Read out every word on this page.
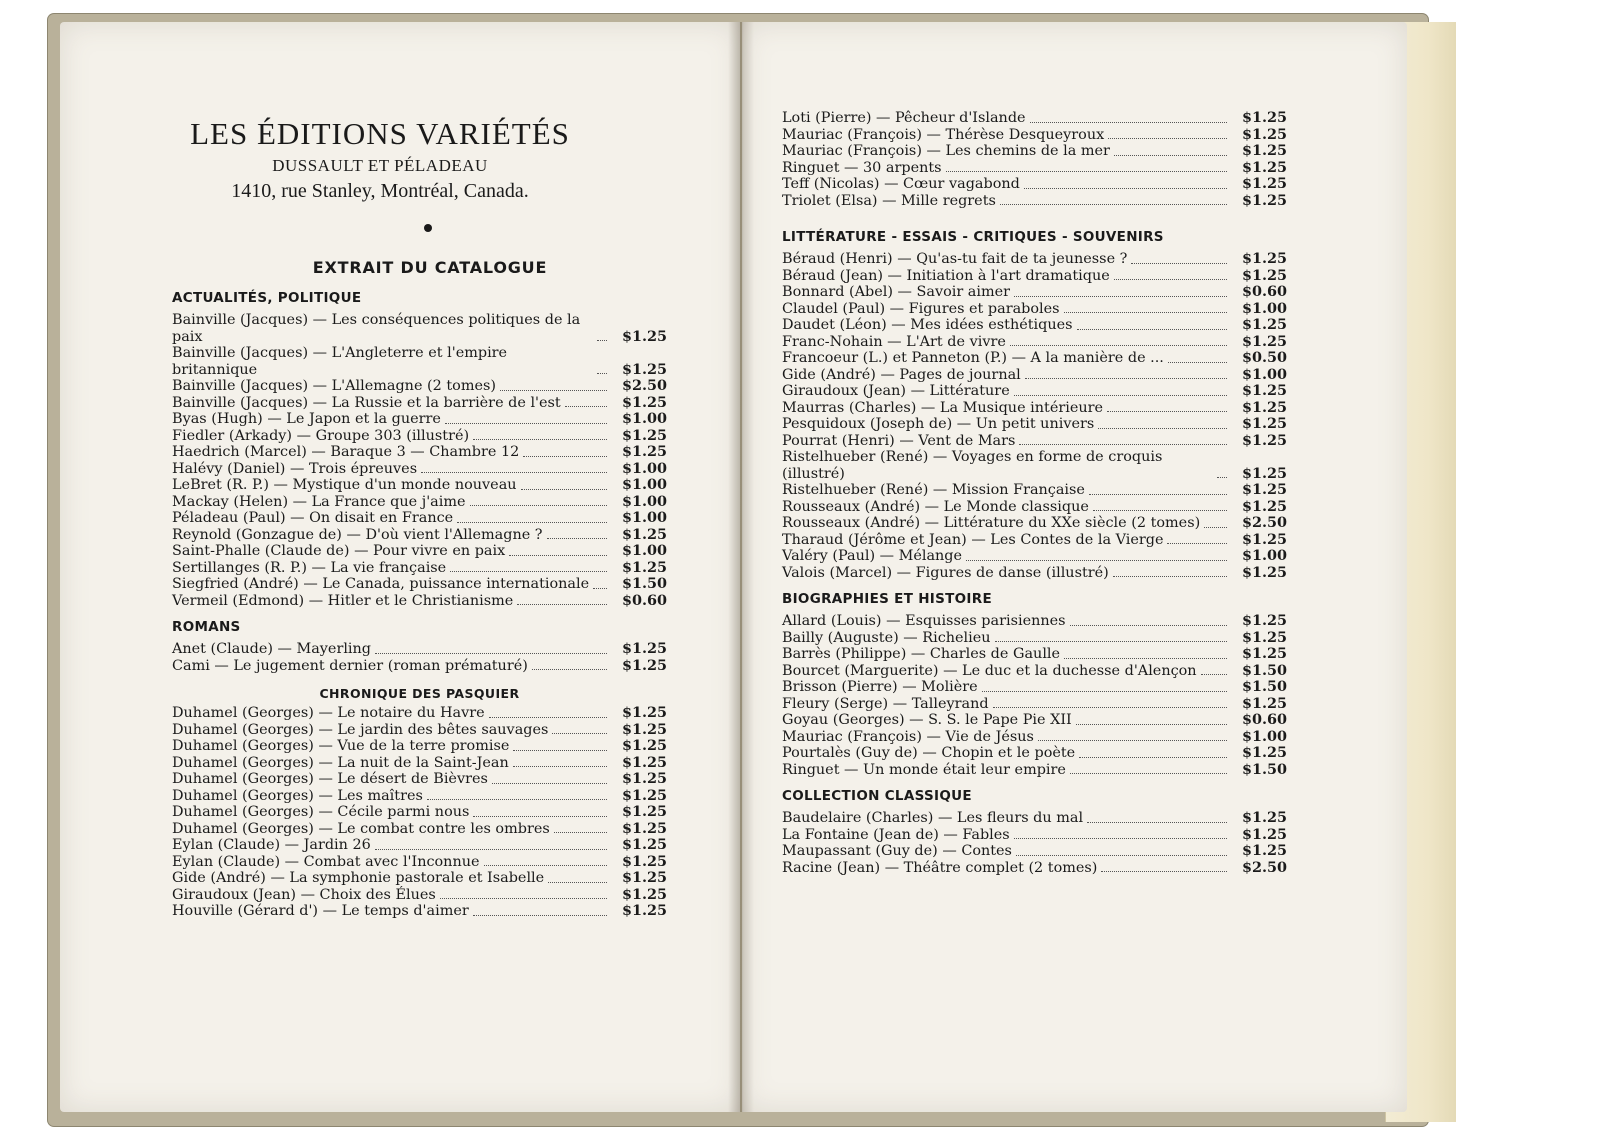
LES ÉDITIONS VARIÉTÉS
DUSSAULT ET PÉLADEAU
1410, rue Stanley, Montréal, Canada.
EXTRAIT DU CATALOGUE
ACTUALITÉS, POLITIQUE
Bainville (Jacques) — Les conséquences politiques de la paix	$1.25
Bainville (Jacques) — L'Angleterre et l'empire britannique	$1.25
Bainville (Jacques) — L'Allemagne (2 tomes)	$2.50
Bainville (Jacques) — La Russie et la barrière de l'est	$1.25
Byas (Hugh) — Le Japon et la guerre	$1.00
Fiedler (Arkady) — Groupe 303 (illustré)	$1.25
Haedrich (Marcel) — Baraque 3 — Chambre 12	$1.25
Halévy (Daniel) — Trois épreuves	$1.00
LeBret (R. P.) — Mystique d'un monde nouveau	$1.00
Mackay (Helen) — La France que j'aime	$1.00
Péladeau (Paul) — On disait en France	$1.00
Reynold (Gonzague de) — D'où vient l'Allemagne ?	$1.25
Saint-Phalle (Claude de) — Pour vivre en paix	$1.00
Sertillanges (R. P.) — La vie française	$1.25
Siegfried (André) — Le Canada, puissance internationale	$1.50
Vermeil (Edmond) — Hitler et le Christianisme	$0.60
ROMANS
Anet (Claude) — Mayerling	$1.25
Cami — Le jugement dernier (roman prématuré)	$1.25
CHRONIQUE DES PASQUIER
Duhamel (Georges) — Le notaire du Havre	$1.25
Duhamel (Georges) — Le jardin des bêtes sauvages	$1.25
Duhamel (Georges) — Vue de la terre promise	$1.25
Duhamel (Georges) — La nuit de la Saint-Jean	$1.25
Duhamel (Georges) — Le désert de Bièvres	$1.25
Duhamel (Georges) — Les maîtres	$1.25
Duhamel (Georges) — Cécile parmi nous	$1.25
Duhamel (Georges) — Le combat contre les ombres	$1.25
Eylan (Claude) — Jardin 26	$1.25
Eylan (Claude) — Combat avec l'Inconnue	$1.25
Gide (André) — La symphonie pastorale et Isabelle	$1.25
Giraudoux (Jean) — Choix des Élues	$1.25
Houville (Gérard d') — Le temps d'aimer	$1.25
Loti (Pierre) — Pêcheur d'Islande	$1.25
Mauriac (François) — Thérèse Desqueyroux	$1.25
Mauriac (François) — Les chemins de la mer	$1.25
Ringuet — 30 arpents	$1.25
Teff (Nicolas) — Cœur vagabond	$1.25
Triolet (Elsa) — Mille regrets	$1.25
LITTÉRATURE - ESSAIS - CRITIQUES - SOUVENIRS
Béraud (Henri) — Qu'as-tu fait de ta jeunesse ?	$1.25
Béraud (Jean) — Initiation à l'art dramatique	$1.25
Bonnard (Abel) — Savoir aimer	$0.60
Claudel (Paul) — Figures et paraboles	$1.00
Daudet (Léon) — Mes idées esthétiques	$1.25
Franc-Nohain — L'Art de vivre	$1.25
Francoeur (L.) et Panneton (P.) — A la manière de ...	$0.50
Gide (André) — Pages de journal	$1.00
Giraudoux (Jean) — Littérature	$1.25
Maurras (Charles) — La Musique intérieure	$1.25
Pesquidoux (Joseph de) — Un petit univers	$1.25
Pourrat (Henri) — Vent de Mars	$1.25
Ristelhueber (René) — Voyages en forme de croquis (illustré)	$1.25
Ristelhueber (René) — Mission Française	$1.25
Rousseaux (André) — Le Monde classique	$1.25
Rousseaux (André) — Littérature du XXe siècle (2 tomes)	$2.50
Tharaud (Jérôme et Jean) — Les Contes de la Vierge	$1.25
Valéry (Paul) — Mélange	$1.00
Valois (Marcel) — Figures de danse (illustré)	$1.25
BIOGRAPHIES ET HISTOIRE
Allard (Louis) — Esquisses parisiennes	$1.25
Bailly (Auguste) — Richelieu	$1.25
Barrès (Philippe) — Charles de Gaulle	$1.25
Bourcet (Marguerite) — Le duc et la duchesse d'Alençon	$1.50
Brisson (Pierre) — Molière	$1.50
Fleury (Serge) — Talleyrand	$1.25
Goyau (Georges) — S. S. le Pape Pie XII	$0.60
Mauriac (François) — Vie de Jésus	$1.00
Pourtalès (Guy de) — Chopin et le poète	$1.25
Ringuet — Un monde était leur empire	$1.50
COLLECTION CLASSIQUE
Baudelaire (Charles) — Les fleurs du mal	$1.25
La Fontaine (Jean de) — Fables	$1.25
Maupassant (Guy de) — Contes	$1.25
Racine (Jean) — Théâtre complet (2 tomes)	$2.50
